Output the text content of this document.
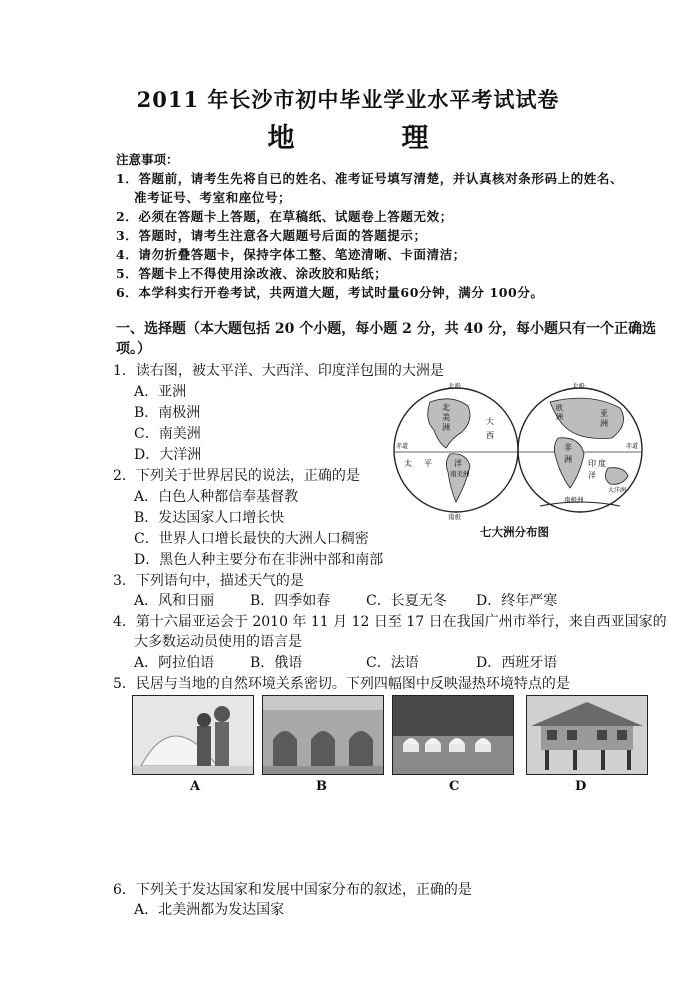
2011 年长沙市初中毕业学业水平考试试卷
地　理
注意事项：
1．答题前，请考生先将自已的姓名、准考证号填写清楚，并认真核对条形码上的姓名、
准考证号、考室和座位号；
2．必须在答题卡上答题，在草稿纸、试题卷上答题无效；
3．答题时，请考生注意各大题题号后面的答题提示；
4．请勿折叠答题卡，保持字体工整、笔迹清晰、卡面清洁；
5．答题卡上不得使用涂改液、涂改胶和贴纸；
6．本学科实行开卷考试，共两道大题，考试时量60分钟，满分 100分。
一、选择题（本大题包括 20 个小题，每小题 2 分，共 40 分，每小题只有一个正确选
项。）
1．读右图，被太平洋、大西洋、印度洋包围的大洲是
A．亚洲
B．南极洲
C．南美洲
D．大洋洲
北极	北极
南极
北
美
洲
大
西
太 平	洋
南美洲
赤道
欧
洲	亚
洲
非
洲 印 度
洋
大洋洲
南极洲
赤道
七大洲分布图
2．下列关于世界居民的说法，正确的是
A．白色人种都信奉基督教
B．发达国家人口增长快
C．世界人口增长最快的大洲人口稠密
D．黑色人种主要分布在非洲中部和南部
3．下列语句中，描述天气的是
A．风和日丽	B．四季如春	C．长夏无冬 D．终年严寒
4．第十六届亚运会于 2010 年 11 月 12 日至 17 日在我国广州市举行，来自西亚国家的
大多数运动员使用的语言是
A．阿拉伯语	B．俄语	C．法语	D．西班牙语
5．民居与当地的自然环境关系密切。下列四幅图中反映湿热环境特点的是
A	B	C	D
6．下列关于发达国家和发展中国家分布的叙述，正确的是
A．北美洲都为发达国家
